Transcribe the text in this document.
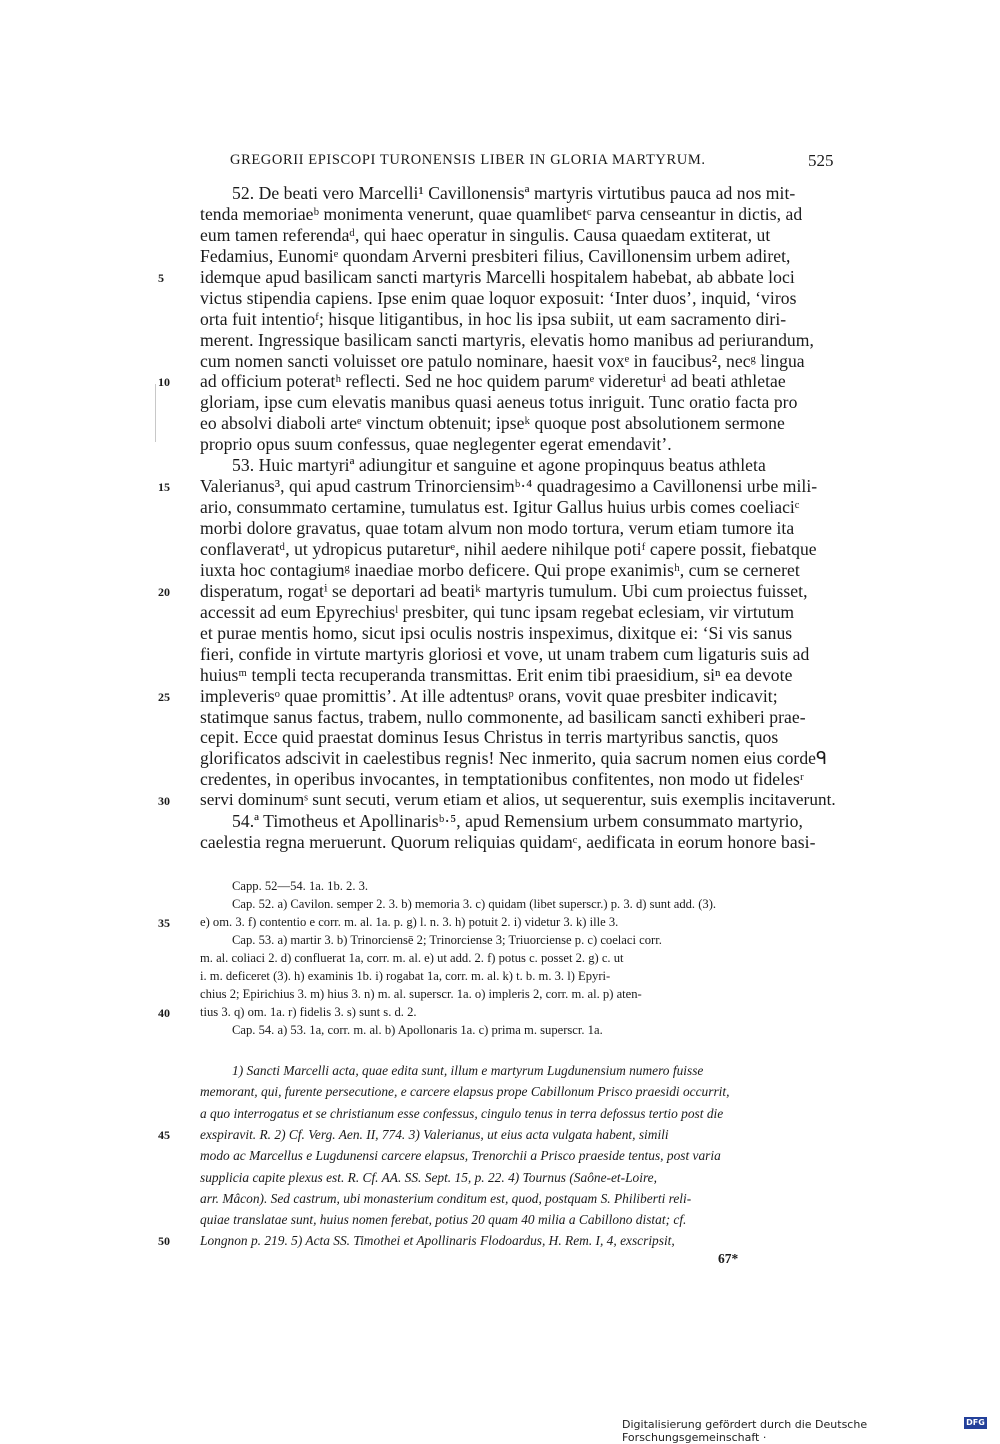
GREGORII EPISCOPI TURONENSIS LIBER IN GLORIA MARTYRUM.	525
52. De beati vero Marcelli¹ Cavillonensisª martyris virtutibus pauca ad nos mit-
tenda memoriaeᵇ monimenta venerunt, quae quamlibetᶜ parva censeantur in dictis, ad
eum tamen referendaᵈ, qui haec operatur in singulis. Causa quaedam extiterat, ut
Fedamius, Eunomiᵉ quondam Arverni presbiteri filius, Cavillonensim urbem adiret,
idemque apud basilicam sancti martyris Marcelli hospitalem habebat, ab abbate loci
victus stipendia capiens. Ipse enim quae loquor exposuit: ‘Inter duos’, inquid, ‘viros
orta fuit intentioᶠ; hisque litigantibus, in hoc lis ipsa subiit, ut eam sacramento diri-
merent. Ingressique basilicam sancti martyris, elevatis homo manibus ad periurandum,
cum nomen sancti voluisset ore patulo nominare, haesit voxᵉ in faucibus², necᵍ lingua
ad officium poteratʰ reflecti. Sed ne hoc quidem parumᵉ videreturⁱ ad beati athletae
gloriam, ipse cum elevatis manibus quasi aeneus totus inriguit. Tunc oratio facta pro
eo absolvi diaboli arteᵉ vinctum obtenuit; ipseᵏ quoque post absolutionem sermone
proprio opus suum confessus, quae neglegenter egerat emendavit’.
53. Huic martyriª adiungitur et sanguine et agone propinquus beatus athleta
Valerianus³, qui apud castrum Trinorciensimᵇ·⁴ quadragesimo a Cavillonensi urbe mili-
ario, consummato certamine, tumulatus est. Igitur Gallus huius urbis comes coeliaciᶜ
morbi dolore gravatus, quae totam alvum non modo tortura, verum etiam tumore ita
conflaveratᵈ, ut ydropicus putareturᵉ, nihil aedere nihilque potiᶠ capere possit, fiebatque
iuxta hoc contagiumᵍ inaediae morbo deficere. Qui prope exanimisʰ, cum se cerneret
disperatum, rogatⁱ se deportari ad beatiᵏ martyris tumulum. Ubi cum proiectus fuisset,
accessit ad eum Epyrechiusˡ presbiter, qui tunc ipsam regebat eclesiam, vir virtutum
et purae mentis homo, sicut ipsi oculis nostris inspeximus, dixitque ei: ‘Si vis sanus
fieri, confide in virtute martyris gloriosi et vove, ut unam trabem cum ligaturis suis ad
huiusᵐ templi tecta recuperanda transmittas. Erit enim tibi praesidium, siⁿ ea devote
impleverisᵒ quae promittis’. At ille adtentusᵖ orans, vovit quae presbiter indicavit;
statimque sanus factus, trabem, nullo commonente, ad basilicam sancti exhiberi prae-
cepit. Ecce quid praestat dominus Iesus Christus in terris martyribus sanctis, quos
glorificatos adscivit in caelestibus regnis! Nec inmerito, quia sacrum nomen eius cordeᑫ
credentes, in operibus invocantes, in temptationibus confitentes, non modo ut fidelesʳ
servi dominumˢ sunt secuti, verum etiam et alios, ut sequerentur, suis exemplis incitaverunt.
54.ª Timotheus et Apollinarisᵇ·⁵, apud Remensium urbem consummato martyrio,
caelestia regna meruerunt. Quorum reliquias quidamᶜ, aedificata in eorum honore basi-
5
10
15
20
25
30
Capp. 52—54. 1a. 1b. 2. 3.
Cap. 52. a) Cavilon. semper 2. 3. b) memoria 3. c) quidam (libet superscr.) p. 3. d) sunt add. (3).
e) om. 3. f) contentio e corr. m. al. 1a. p. g) l. n. 3. h) potuit 2. i) videtur 3. k) ille 3.
Cap. 53. a) martir 3. b) Trinorciensē 2; Trinorciense 3; Triuorciense p. c) coelaci corr.
m. al. coliaci 2. d) confluerat 1a, corr. m. al. e) ut add. 2. f) potus c. posset 2. g) c. ut
i. m. deficeret (3). h) examinis 1b. i) rogabat 1a, corr. m. al. k) t. b. m. 3. l) Epyri-
chius 2; Epirichius 3. m) hius 3. n) m. al. superscr. 1a. o) impleris 2, corr. m. al. p) aten-
tius 3. q) om. 1a. r) fidelis 3. s) sunt s. d. 2.
Cap. 54. a) 53. 1a, corr. m. al. b) Apollonaris 1a. c) prima m. superscr. 1a.
35
40
1) Sancti Marcelli acta, quae edita sunt, illum e martyrum Lugdunensium numero fuisse
memorant, qui, furente persecutione, e carcere elapsus prope Cabillonum Prisco praesidi occurrit,
a quo interrogatus et se christianum esse confessus, cingulo tenus in terra defossus tertio post die
exspiravit. R. 2) Cf. Verg. Aen. II, 774. 3) Valerianus, ut eius acta vulgata habent, simili
modo ac Marcellus e Lugdunensi carcere elapsus, Trenorchii a Prisco praeside tentus, post varia
supplicia capite plexus est. R. Cf. AA. SS. Sept. 15, p. 22. 4) Tournus (Saône-et-Loire,
arr. Mâcon). Sed castrum, ubi monasterium conditum est, quod, postquam S. Philiberti reli-
quiae translatae sunt, huius nomen ferebat, potius 20 quam 40 milia a Cabillono distat; cf.
Longnon p. 219. 5) Acta SS. Timothei et Apollinaris Flodoardus, H. Rem. I, 4, exscripsit,
45
50
67*
Digitalisierung gefördert durch die Deutsche Forschungsgemeinschaft ·
DFG
